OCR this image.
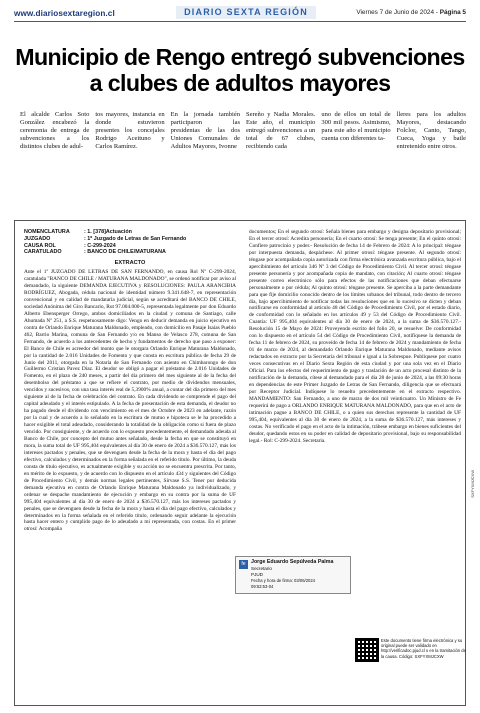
www.diariosextaregion.cl	DIARIO SEXTA REGIÓN	Viernes 7 de Junio de 2024 - Página 5
Municipio de Rengo entregó subvenciones a clubes de adultos mayores
El alcalde Carlos Soto González encabezó la ceremonia de entrega de subvenciones a los distintos clubes de adul-
tos mayores, instancia en donde estuvieron presentes los concejales Rodrigo Aceituno y Carlos Ramírez.
En la jornada también participaron las presidentas de las dos Uniones Comunales de Adultos Mayores, Ivonne
Sereño y Nadia Morales. Este año, el municipio entregó subvenciones a un total de 67 clubes, recibiendo cada
uno de ellos un total de 300 mil pesos. Asimismo, para este año el municipio cuenta con diferentes ta-
lleres para los adultos Mayores, destacando Folclor, Canto, Tango, Cueca, Yoga y baile entretenido entre otros.
NOMENCLATURA	: 1. [378]Actuación
JUZGADO	: 1º Juzgado de Letras de San Fernando
CAUSA ROL	: C-299-2024
CARATULADO	: BANCO DE CHILE/MATURANA
EXTRACTO

Ante el 1º JUZGADO DE LETRAS DE SAN FERNANDO, en causa Rol Nº C-299-2024, caratulada "BANCO DE CHILE / MATURANA MALDONADO", se ordenó notificar por aviso al demandado, la siguiente DEMANDA EJECUTIVA y RESOLUCIONES: PAULA ARANCIBIA RODRÍGUEZ, Abogada, cédula nacional de identidad número 9.341.648-7, en representación convencional y en calidad de mandataria judicial, según se acreditará del BANCO DE CHILE, sociedad Anónima del Giro Bancario, Rut 97.004.000-5, representada legalmente por don Eduardo Alberto Ebensperger Orrego, ambos domiciliados en la ciudad y comuna de Santiago, calle Ahumada Nº 251, a S.S. respetuosamente digo: Vengo en deducir demanda en juicio ejecutivo en contra de Orlando Enrique Maturana Maldonado, empleado, con domicilio en Pasaje Isaías Pueblo 462, Barrio Marina, comuna de San Fernando y/o en Manso de Velasco 278, comuna de San Fernando, de acuerdo a los antecedentes de hecho y fundamentos de derecho que paso a exponer: El Banco de Chile es acreedor del monto que le otorgara Orlando Enrique Maturana Maldonado, por la cantidad de 2.016 Unidades de Fomento y que consta en escritura pública de fecha 29 de Junio del 2011, otorgada en la Notaría de San Fernando con asiento en Chimbarongo de don Guillermo Cristian Pavez Díaz. El deudor se obligó a pagar el préstamo de 2.016 Unidades de Fomento, en el plazo de 240 meses, a partir del día primero del mes siguiente al de la fecha del desembolso del préstamo a que se refiere el contrato, por medio de dividendos mensuales, vencidos y sucesivos, con una tasa interés real de 5,3900% anual, a contar del día primero del mes siguiente al de la fecha de celebración del contrato. En cada dividendo se comprende el pago del capital adeudado y el interés estipulado. A la fecha de presentación de esta demanda, el deudor no ha pagado desde el dividendo con vencimiento en el mes de Octubre de 2023 en adelante, razón por la cual y de acuerdo a lo señalado en la escritura de mutuo e hipoteca se le ha procedido a hacer exigible el total adeudado, considerando la totalidad de la obligación como si fuera de plazo vencido. Por consiguiente, y de acuerdo con lo expuesto precedentemente, el demandado adeuda al Banco de Chile, por concepto del mutuo antes señalado, desde la fecha en que se constituyó en mora, la suma total de UF 995,404 equivalentes al día 30 de enero de 2024 a $36.570.127, más los intereses pactados y penales, que se devenguen desde la fecha de la mora y hasta el día del pago efectivo, calculados y determinados en la forma señalada en el referido título. Por último, la deuda consta de título ejecutivo, es actualmente exigible y su acción no se encuentra prescrita. Por tanto, en mérito de lo expuesto, y de acuerdo con lo dispuesto en el artículo 434 y siguientes del Código de Procedimiento Civil, y demás normas legales pertinentes, Sírvase S.S. Tener por deducida demanda ejecutiva en contra de Orlando Enrique Maturana Maldonado ya individualizado, y ordenar se despache mandamiento de ejecución y embargo en su contra por la suma de UF 995,404 equivalentes al día 30 de enero de 2024 a $36.570.127, más los intereses pactados y penales, que se devenguen desde la fecha de la mora y hasta el día del pago efectivo, calculados y determinados en la forma señalada en el referido título, ordenando seguir adelante la ejecución hasta hacer entero y cumplido pago de lo adeudado a mi representada, con costas. En el primer otrosí: Acompaña

documentos; En el segundo otrosí: Señala bienes para embargo y designa depositario provisional; En el tercer otrosí: Acredita personería; En el cuarto otrosí: Se tenga presente; En el quinto otrosí: Confiere patrocinio y poder.- Resolución de fecha 14 de Febrero de 2024: A lo principal: téngase por interpuesta demanda, despáchese. Al primer otrosí: téngase presente. Al segundo otrosí: téngase por acompañada copia autorizada con firma electrónica avanzada escritura pública, bajo el apercibimiento del artículo 346 Nº 3 del Código de Procedimiento Civil. Al tercer otrosí: téngase presente personería y por acompañada copia de mandato, con citación; Al cuarto otrosí: téngase presente correo electrónico sólo para efectos de las notificaciones que deban efectuarse personalmente o por cédula; Al quinto otrosí: téngase presente. Se aperciba a la parte demandante para que fije domicilio conocido dentro de los límites urbanos del tribunal, todo dentro de tercero día, bajo apercibimiento de notificar todas las resoluciones que en lo sucesivo se dicten y deban notificarse en conformidad al artículo 48 del Código de Procedimiento Civil, por el estado diario, de conformidad con lo señalado en los artículos 49 y 53 del Código de Procedimiento Civil. Cuantía: UF 995,404 equivalentes al día 30 de enero de 2024, a la suma de $36.570.127.- Resolución 15 de Mayo de 2024: Proveyendo escrito del folio 20, se resuelve: De conformidad con lo dispuesto en el artículo 54 del Código de Procedimiento Civil, notifíquese la demanda de fecha 11 de febrero de 2024, su proveído de fecha 14 de febrero de 2024 y mandamiento de fecha 01 de marzo de 2024, al demandado Orlando Enrique Maturana Maldonado, mediante avisos redactados en extracto por la Secretaria del tribunal e igual a la Sobrespue. Publíquese por cuatro veces consecutivas en el Diario Sexta Región de esta ciudad y por una sola vez en el Diario Oficial. Para los efectos del requerimiento de pago y traslación de un acto procesal distinto de la notificación de la demanda, cítese al demandado para el día 28 de junio de 2024, a las 09:30 horas en dependencias de este Primer Juzgado de Letras de San Fernando, diligencia que se efectuará por Receptor Judicial. Indíquese lo resuelto precedentemente en el extracto respectivo. MANDAMIENTO: San Fernando, a uno de marzo de dos mil veinticuatro. Un Ministro de Fe requerirá de pago a ORLANDO ENRIQUE MATURANA MALDONADO, para que en el acto de intimación pague a BANCO DE CHILE, o a quien sus derechos represente la cantidad de UF 995,404, equivalentes al día 30 de enero de 2024, a la suma de $36.570.127, más intereses y costas. No verificado el pago en el acto de la intimación, trábese embargo en bienes suficientes del deudor, quedando estos en su poder en calidad de depositario provisional, bajo su responsabilidad legal.- Rol: C-299-2024. Secretaria.

fe	Jorge Eduardo Sepúlveda Palma
Secretario
PJUD
Fecha y hora de firma: 03/06/2024
09:53:53-04
Este documento tiene firma electrónica y su original puede ser validado en http://verificadoc.pjud.cl o en la tramitación de la causa. Código: SXFYXMJCXW
SXFYXMJCXW
